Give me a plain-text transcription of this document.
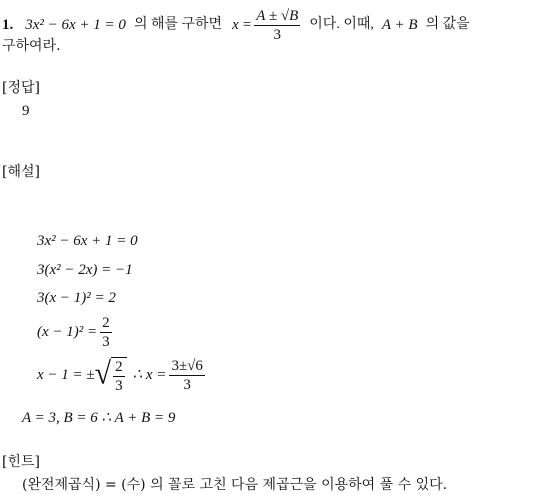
1. 3x² − 6x + 1 = 0 의 해를 구하면 $x = \frac{A \pm √B}{3}$ 이다. 이때, A + B 의 값을
구하여라.
[정답]
9
[해설]
3x² − 6x + 1 = 0
3(x² − 2x) = −1
3(x − 1)² = 2
$(x - 1)^2 = \frac{2}{3}$
x − 1 = ± √ $\frac{2}{3}$ ∴ $x = \frac{3\pm√6}{3}$
A = 3, B = 6 ∴ A + B = 9
[힌트]
(완전제곱식) = (수) 의 꼴로 고친 다음 제곱근을 이용하여 풀 수 있다.
